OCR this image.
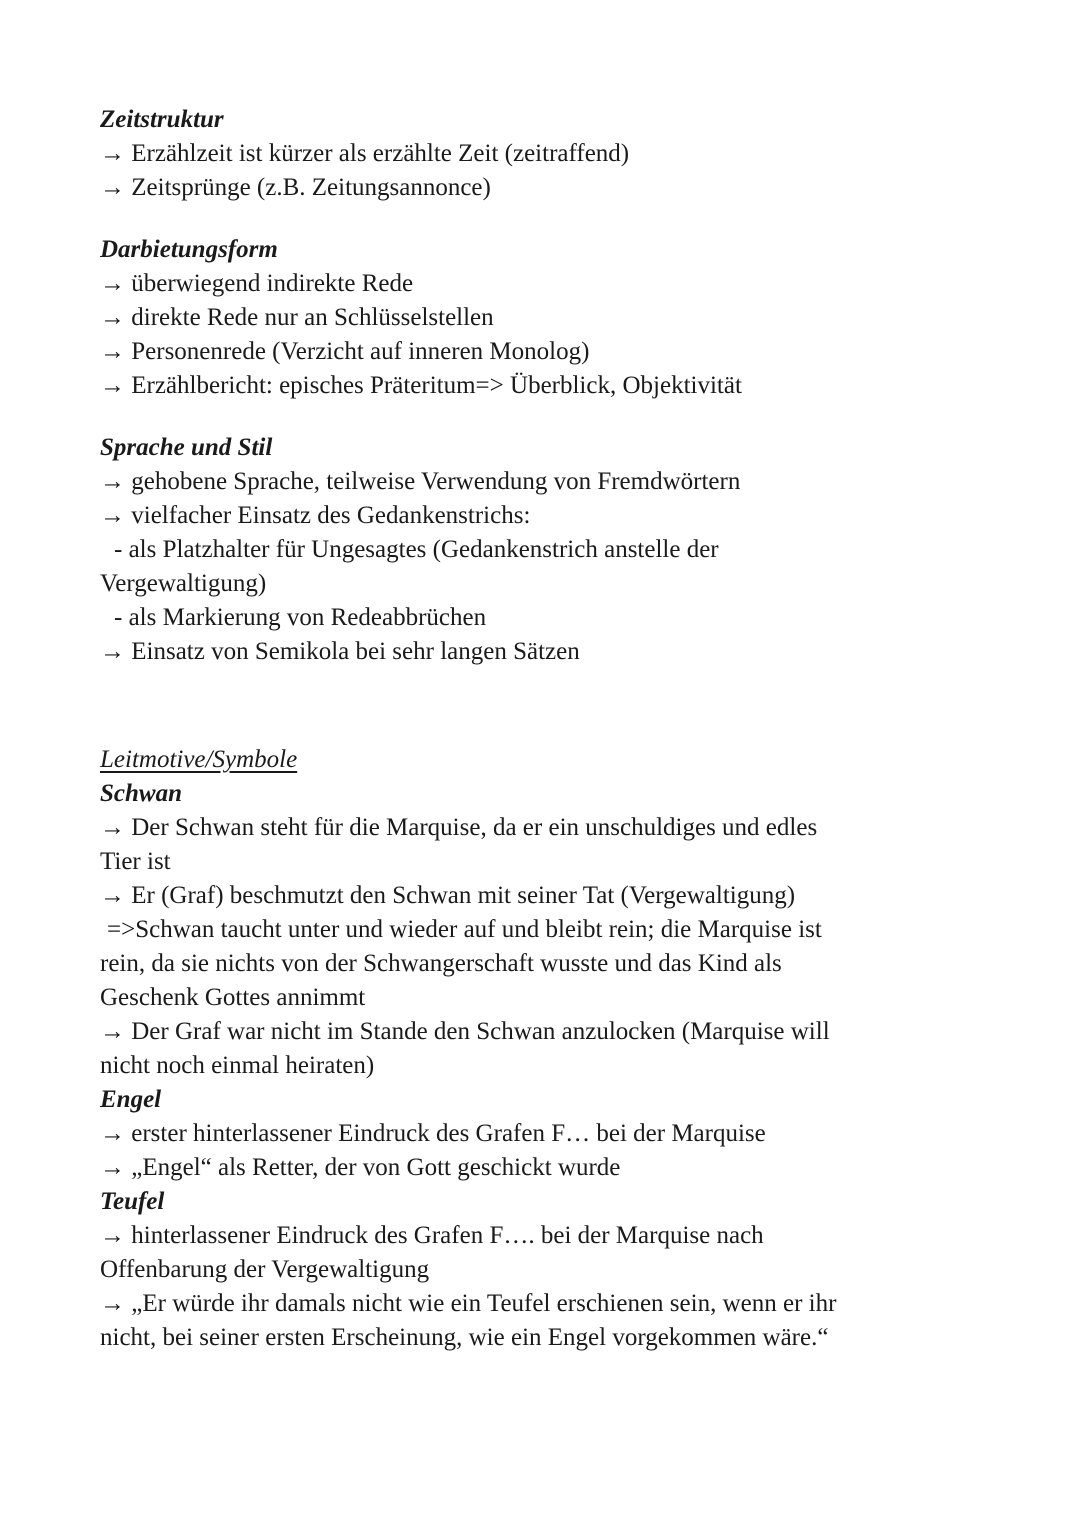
Zeitstruktur
→ Erzählzeit ist kürzer als erzählte Zeit (zeitraffend)
→ Zeitsprünge (z.B. Zeitungsannonce)
Darbietungsform
→ überwiegend indirekte Rede
→ direkte Rede nur an Schlüsselstellen
→ Personenrede (Verzicht auf inneren Monolog)
→ Erzählbericht: episches Präteritum=> Überblick, Objektivität
Sprache und Stil
→ gehobene Sprache, teilweise Verwendung von Fremdwörtern
→ vielfacher Einsatz des Gedankenstrichs:
- als Platzhalter für Ungesagtes (Gedankenstrich anstelle der
Vergewaltigung)
- als Markierung von Redeabbrüchen
→ Einsatz von Semikola bei sehr langen Sätzen
Leitmotive/Symbole
Schwan
→ Der Schwan steht für die Marquise, da er ein unschuldiges und edles
Tier ist
→ Er (Graf) beschmutzt den Schwan mit seiner Tat (Vergewaltigung)
=>Schwan taucht unter und wieder auf und bleibt rein; die Marquise ist
rein, da sie nichts von der Schwangerschaft wusste und das Kind als
Geschenk Gottes annimmt
→ Der Graf war nicht im Stande den Schwan anzulocken (Marquise will
nicht noch einmal heiraten)
Engel
→ erster hinterlassener Eindruck des Grafen F… bei der Marquise
→ „Engel“ als Retter, der von Gott geschickt wurde
Teufel
→ hinterlassener Eindruck des Grafen F…. bei der Marquise nach
Offenbarung der Vergewaltigung
→ „Er würde ihr damals nicht wie ein Teufel erschienen sein, wenn er ihr
nicht, bei seiner ersten Erscheinung, wie ein Engel vorgekommen wäre.“
